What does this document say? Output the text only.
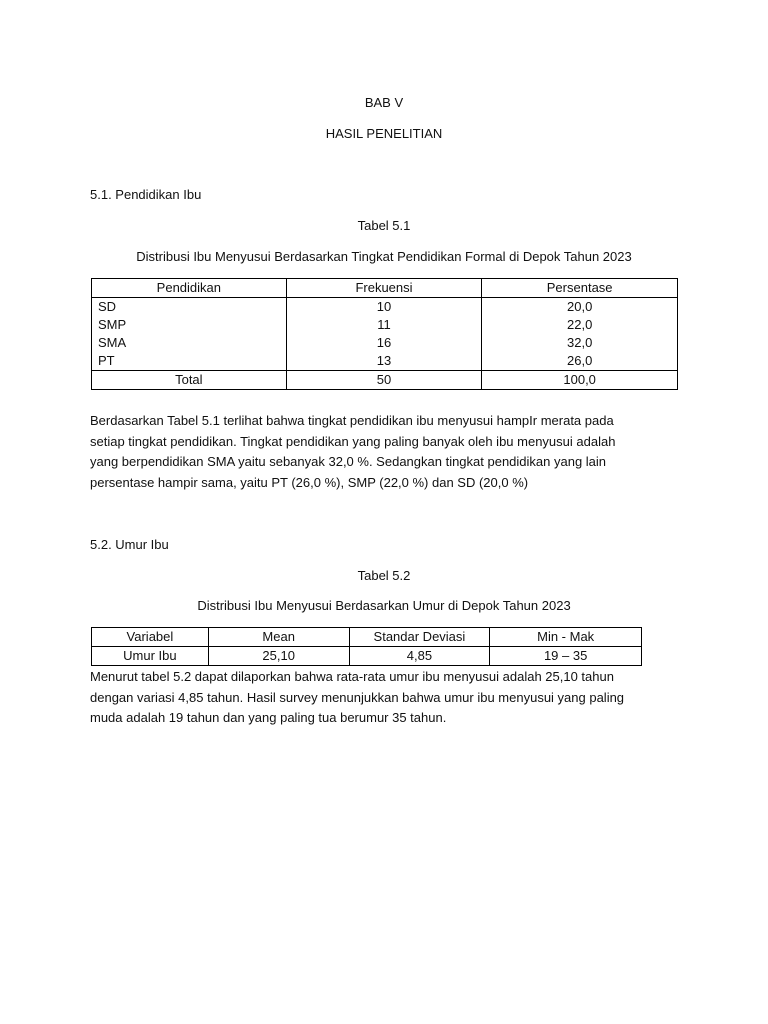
BAB V
HASIL PENELITIAN
5.1. Pendidikan Ibu
Tabel 5.1
Distribusi Ibu Menyusui Berdasarkan Tingkat Pendidikan Formal di Depok Tahun 2023
Pendidikan	Frekuensi	Persentase
SD	10	20,0
SMP	11	22,0
SMA	16	32,0
PT	13	26,0
Total	50	100,0
Berdasarkan Tabel 5.1 terlihat bahwa tingkat pendidikan ibu menyusui hampIr merata pada
setiap tingkat pendidikan. Tingkat pendidikan yang paling banyak oleh ibu menyusui adalah
yang berpendidikan SMA yaitu sebanyak 32,0 %. Sedangkan tingkat pendidikan yang lain
persentase hampir sama, yaitu PT (26,0 %), SMP (22,0 %) dan SD (20,0 %)
5.2. Umur Ibu
Tabel 5.2
Distribusi Ibu Menyusui Berdasarkan Umur di Depok Tahun 2023
Variabel	Mean	Standar Deviasi	Min - Mak
Umur Ibu	25,10	4,85	19 – 35
Menurut tabel 5.2 dapat dilaporkan bahwa rata-rata umur ibu menyusui adalah 25,10 tahun
dengan variasi 4,85 tahun. Hasil survey menunjukkan bahwa umur ibu menyusui yang paling
muda adalah 19 tahun dan yang paling tua berumur 35 tahun.
